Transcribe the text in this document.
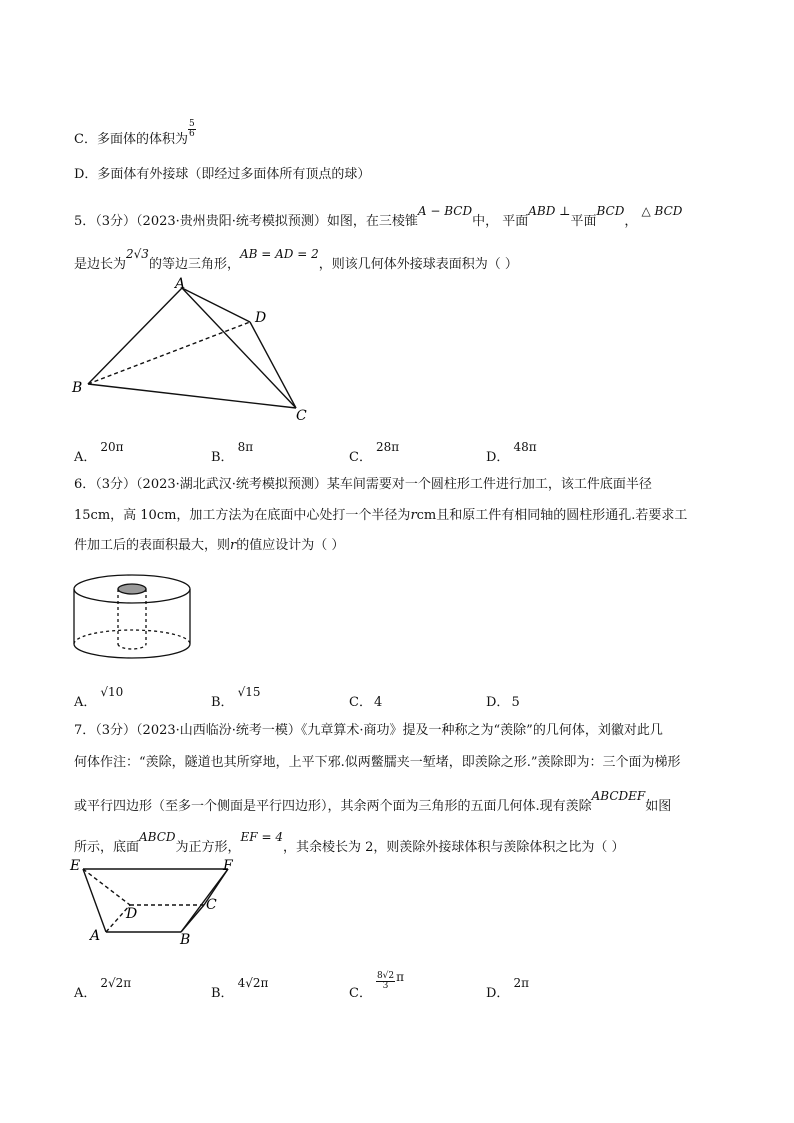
C．多面体的体积为
$\frac{5}{6}$
D．多面体有外接球（即经过多面体所有顶点的球）
5．（3分）（2023·贵州贵阳·统考模拟预测）如图，在三棱锥A − BCD中， 平面ABD ⊥平面BCD， △ BCD
是边长为2√3的等边三角形，AB = AD = 2，则该几何体外接球表面积为（ ）
A
D
B
C
A．20π
B．8π
C．28π
D．48π
6．（3分）（2023·湖北武汉·统考模拟预测）某车间需要对一个圆柱形工件进行加工，该工件底面半径
15cm，高 10cm，加工方法为在底面中心处打一个半径为rcm且和原工件有相同轴的圆柱形通孔.若要求工
件加工后的表面积最大，则r的值应设计为（ ）
A．√10
B．√15
C． 4	D． 5
7．（3分）（2023·山西临汾·统考一模）《九章算术·商功》提及一种称之为“羡除”的几何体，刘徽对此几
何体作注：“羡除，隧道也其所穿地，上平下邪.似两鳖臑夹一堑堵，即羡除之形.”羡除即为：三个面为梯形
或平行四边形（至多一个侧面是平行四边形），其余两个面为三角形的五面几何体.现有羡除ABCDEF如图
所示，底面ABCD为正方形，EF = 4，其余棱长为 2，则羡除外接球体积与羡除体积之比为（ ）
E	F
D
C
A	B
A．2√2π
B．4√2π
C．
$\frac{8√2}{3}$ π
D．2π
